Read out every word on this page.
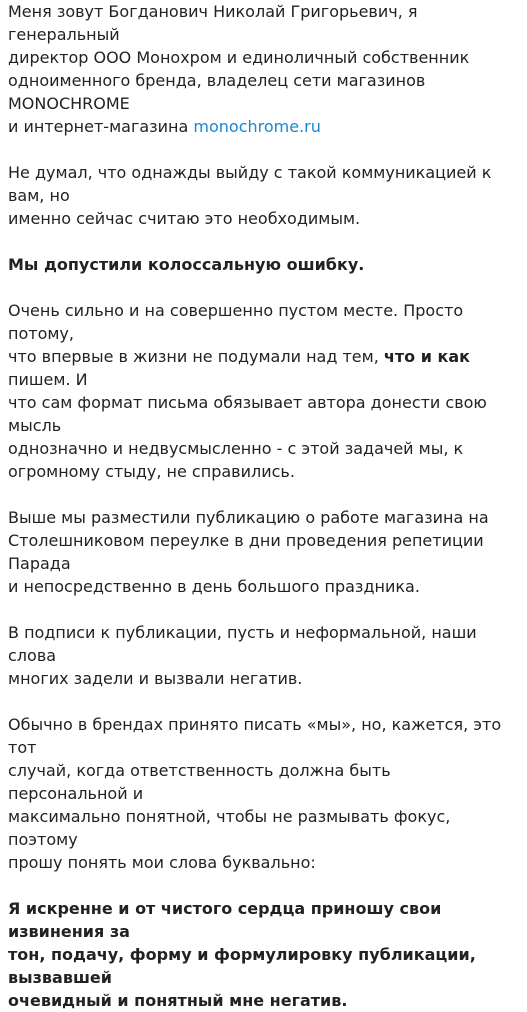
Меня зовут Богданович Николай Григорьевич, я генеральный
директор ООО Монохром и единоличный собственник
одноименного бренда, владелец сети магазинов MONOCHROME
и интернет-магазина monochrome.ru

Не думал, что однажды выйду с такой коммуникацией к вам, но
именно сейчас считаю это необходимым.

Мы допустили колоссальную ошибку.

Очень сильно и на совершенно пустом месте. Просто потому,
что впервые в жизни не подумали над тем, что и как пишем. И
что сам формат письма обязывает автора донести свою мысль
однозначно и недвусмысленно - с этой задачей мы, к
огромному стыду, не справились.

Выше мы разместили публикацию о работе магазина на
Столешниковом переулке в дни проведения репетиции Парада
и непосредственно в день большого праздника.

В подписи к публикации, пусть и неформальной, наши слова
многих задели и вызвали негатив.

Обычно в брендах принято писать «мы», но, кажется, это тот
случай, когда ответственность должна быть персональной и
максимально понятной, чтобы не размывать фокус, поэтому
прошу понять мои слова буквально:

Я искренне и от чистого сердца приношу свои извинения за
тон, подачу, форму и формулировку публикации, вызвавшей
очевидный и понятный мне негатив.
